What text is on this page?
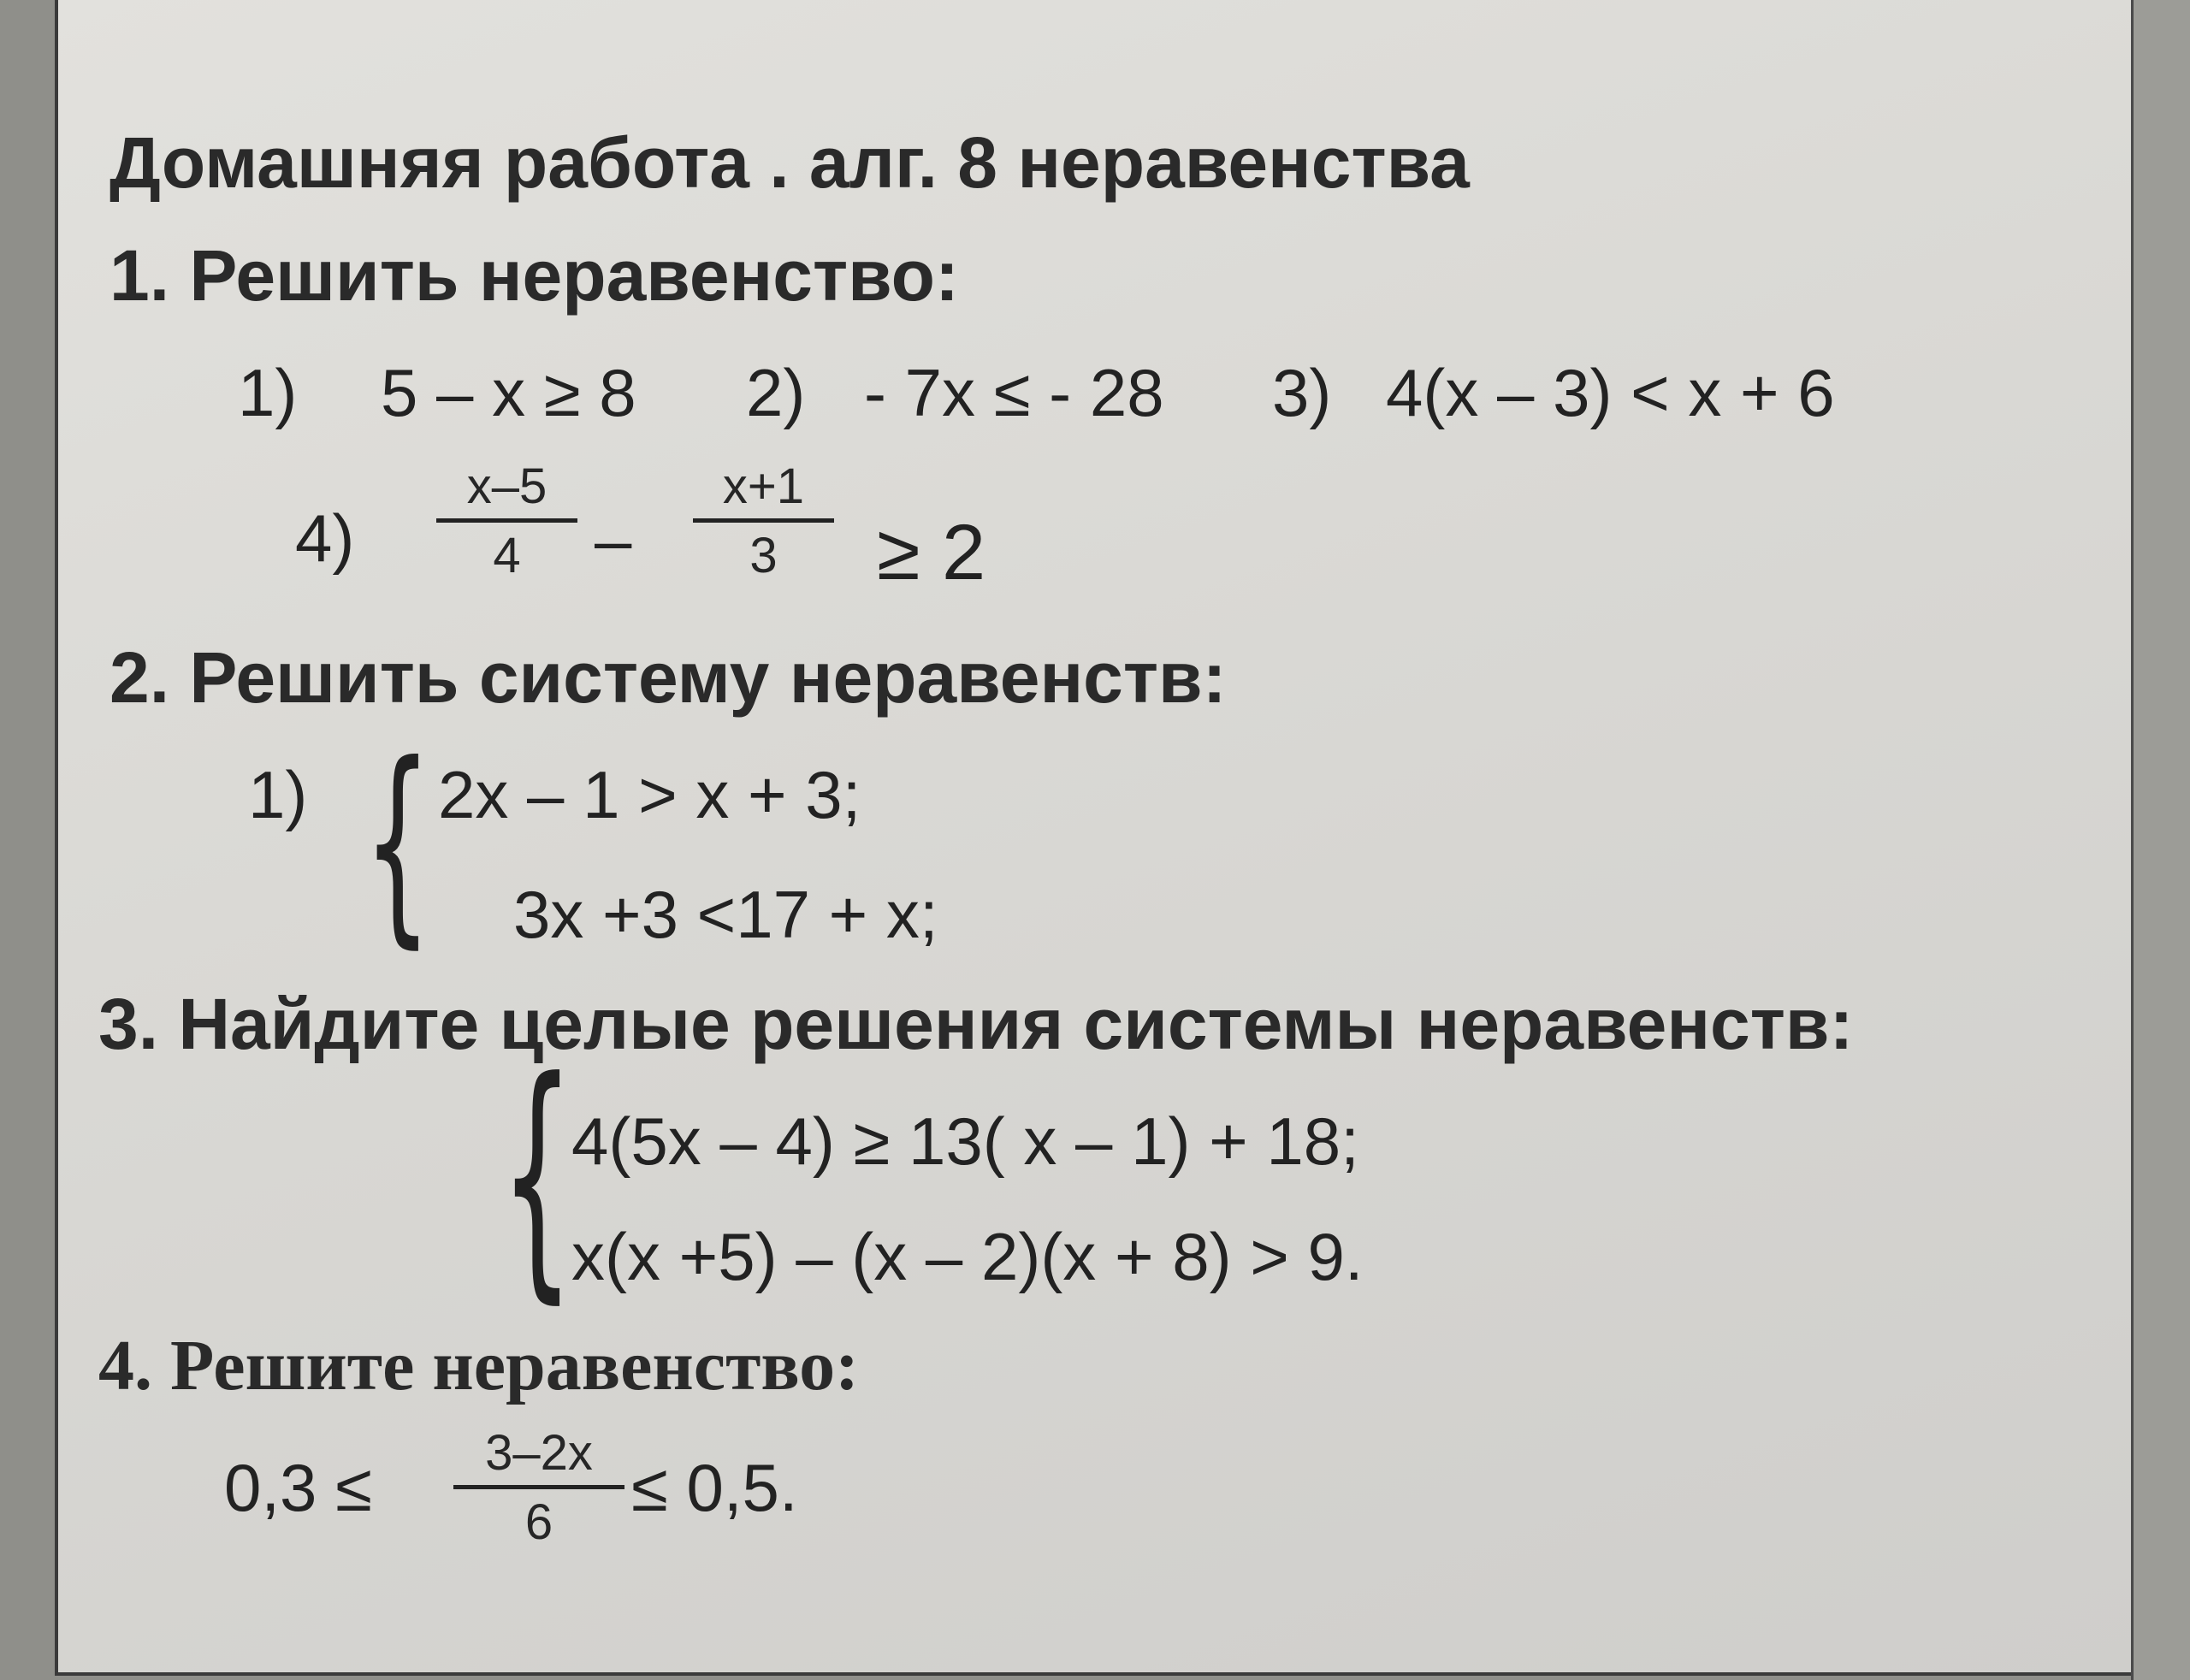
Домашняя работа . алг. 8 неравенства
1. Решить неравенство:
1) 5 – x ≥ 8 2) - 7x ≤ - 28 3) 4(x – 3) < x + 6
4)
x–5
4 –
x+1
3 ≥ 2
2. Решить систему неравенств:
1) { 2x – 1 > x + 3;
3x +3 <17 + x;
3. Найдите целые решения системы неравенств:
{
4(5x – 4) ≥ 13( x – 1) + 18;
x(x +5) – (x – 2)(x + 8) > 9.
4. Решите неравенство:
0,3 ≤ 3–2x
6 ≤ 0,5.
